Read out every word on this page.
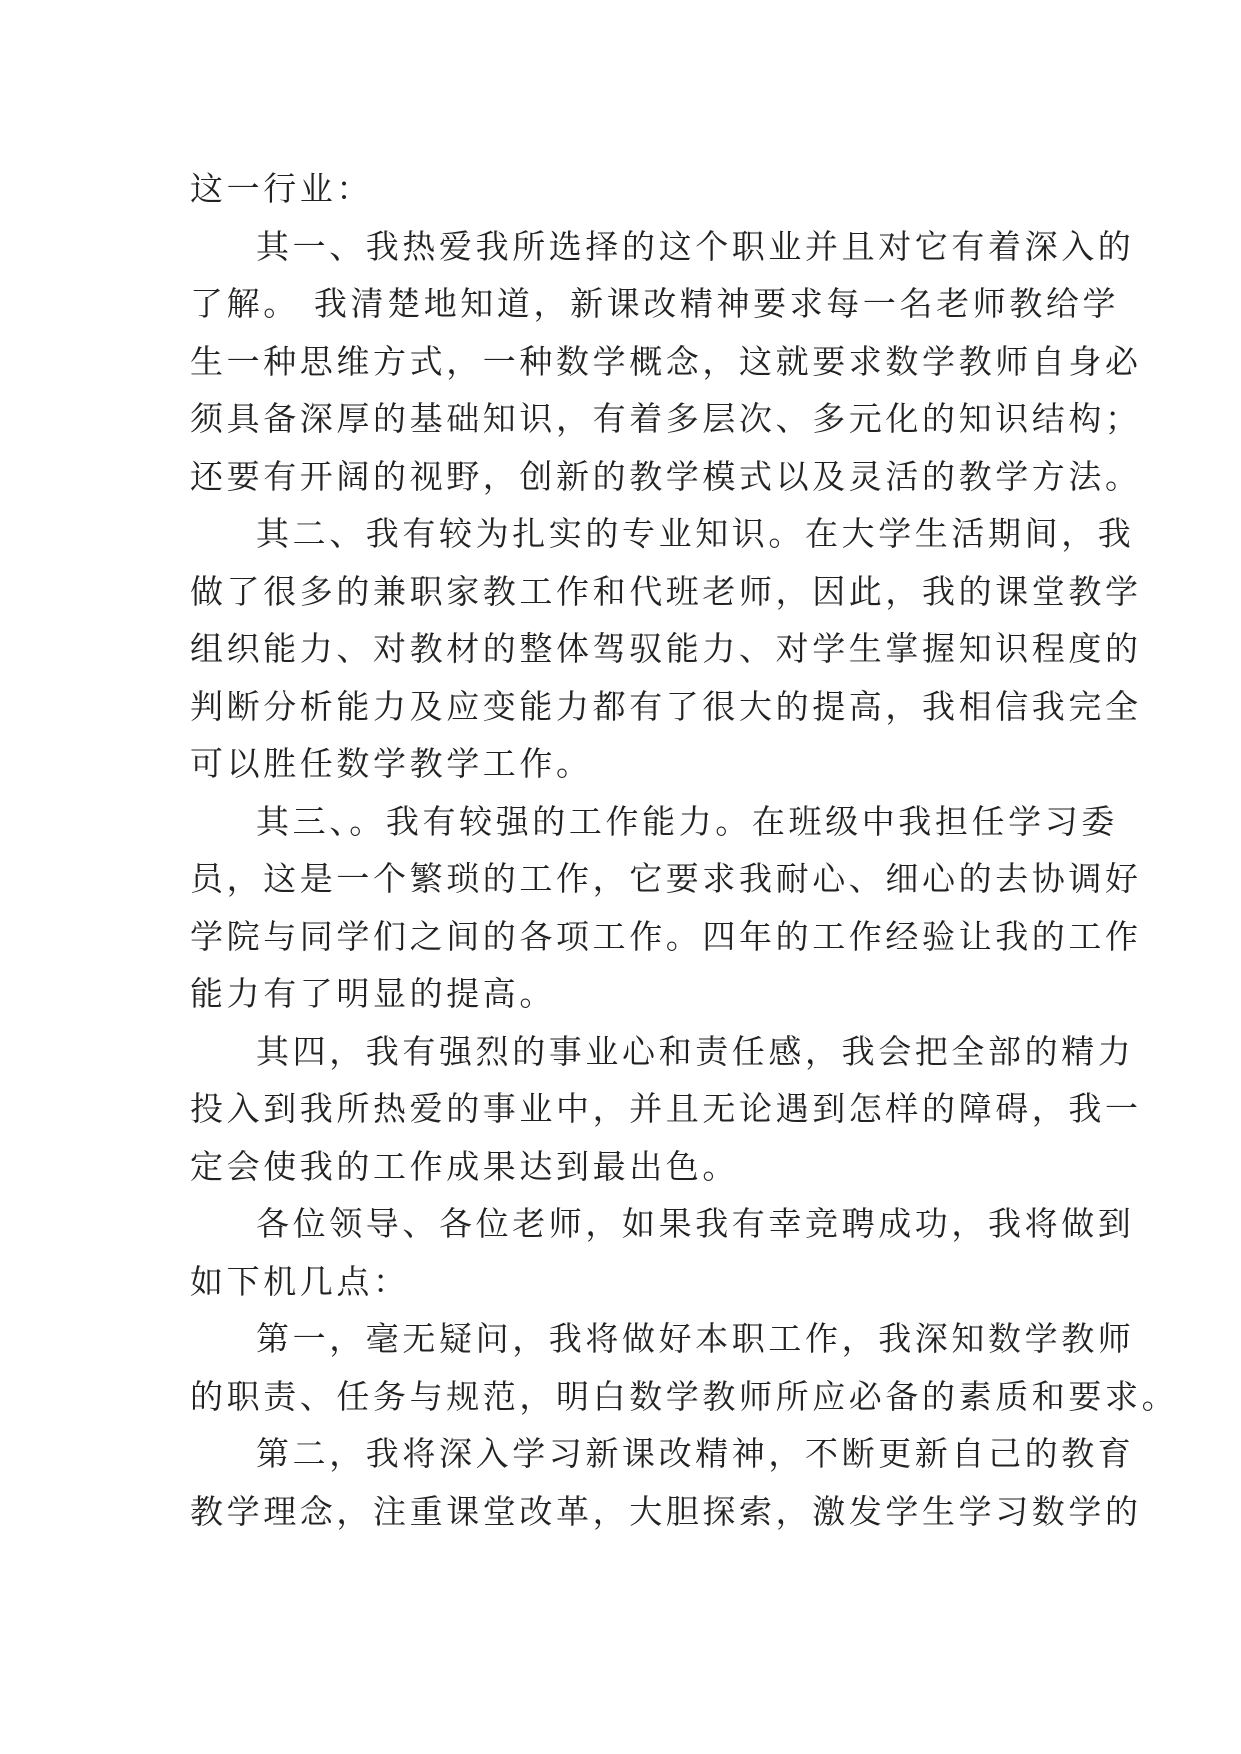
这一行业：
其一、我热爱我所选择的这个职业并且对它有着深入的
了解。 我清楚地知道，新课改精神要求每一名老师教给学
生一种思维方式，一种数学概念，这就要求数学教师自身必
须具备深厚的基础知识，有着多层次、多元化的知识结构；
还要有开阔的视野，创新的教学模式以及灵活的教学方法。
其二、我有较为扎实的专业知识。在大学生活期间，我
做了很多的兼职家教工作和代班老师，因此，我的课堂教学
组织能力、对教材的整体驾驭能力、对学生掌握知识程度的
判断分析能力及应变能力都有了很大的提高，我相信我完全
可以胜任数学教学工作。
其三、。我有较强的工作能力。在班级中我担任学习委
员，这是一个繁琐的工作，它要求我耐心、细心的去协调好
学院与同学们之间的各项工作。四年的工作经验让我的工作
能力有了明显的提高。
其四，我有强烈的事业心和责任感，我会把全部的精力
投入到我所热爱的事业中，并且无论遇到怎样的障碍，我一
定会使我的工作成果达到最出色。
各位领导、各位老师，如果我有幸竞聘成功，我将做到
如下机几点：
第一，毫无疑问，我将做好本职工作，我深知数学教师
的职责、任务与规范，明白数学教师所应必备的素质和要求。
第二，我将深入学习新课改精神，不断更新自己的教育
教学理念，注重课堂改革，大胆探索，激发学生学习数学的
